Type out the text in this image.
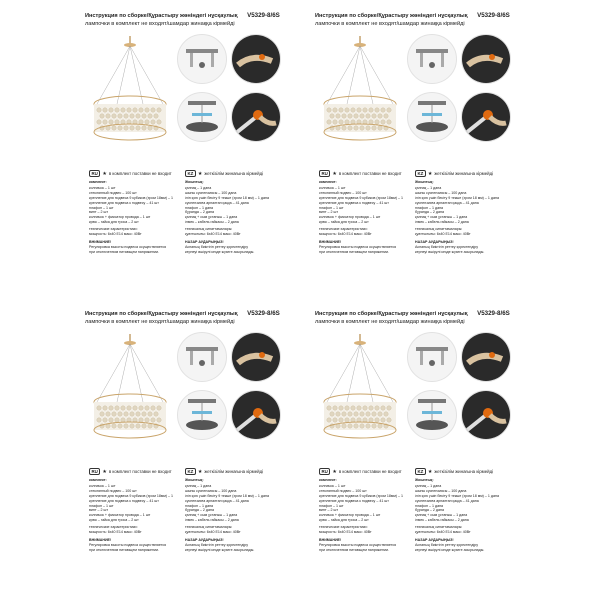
Инструкция по сборке/Құрастыру жөніндегі нұсқаулық V5329-8/6S
лампочки в комплект не входят/шамдар жинаққа кірмейді
RU ★ в комплект поставки не входит	KZ ★ жеткізілім жинағына кірмейді
комплект:
колпачок – 1 шт
стеклянный подвес – 100 шт
крепление для подвеса 9 кубиков (хром 18мм) – 1
крепление для подвеса к подвесу – 41 шт
плафон – 1 шт
винт – 2 шт
колпачок + фиксатор провода – 1 шт
крюк – гайка для троса – 2 шт
технические характеристики:
мощность: 6х40 Е14 макс: 40Вт
ВНИМАНИЕ!
Регулировка высоты подвеса осуществляется
при отключенном питающем напряжении.
Жиынтық:
қалпақ – 1 дана
шыны суспензиясы – 100 дана
іліп қою үшін бекіту 9 текше (хром 18 мм) – 1 дана
суспензияға арналған қаңқа – 41 дана
плафон – 1 дана
бұранда – 2 дана
қалпақ + сым ұстағыш – 1 дана
ілмек – кабель гайкасы – 2 дана
техникалық сипаттамалары:
қуаттылығы: 6х40 Е14 макс: 40Вт
НАЗАР АУДАРЫҢЫЗ!
Аспаның биіктігін реттеу қоректендіру
кернеуі өшірулі кезде жүзеге асырылады.
Инструкция по сборке/Құрастыру жөніндегі нұсқаулық V5329-8/6S
лампочки в комплект не входят/шамдар жинаққа кірмейді
RU ★ в комплект поставки не входит	KZ ★ жеткізілім жинағына кірмейді
комплект:
колпачок – 1 шт
стеклянный подвес – 100 шт
крепление для подвеса 9 кубиков (хром 18мм) – 1
крепление для подвеса к подвесу – 41 шт
плафон – 1 шт
винт – 2 шт
колпачок + фиксатор провода – 1 шт
крюк – гайка для троса – 2 шт
технические характеристики:
мощность: 6х40 Е14 макс: 40Вт
ВНИМАНИЕ!
Регулировка высоты подвеса осуществляется
при отключенном питающем напряжении.
Жиынтық:
қалпақ – 1 дана
шыны суспензиясы – 100 дана
іліп қою үшін бекіту 9 текше (хром 18 мм) – 1 дана
суспензияға арналған қаңқа – 41 дана
плафон – 1 дана
бұранда – 2 дана
қалпақ + сым ұстағыш – 1 дана
ілмек – кабель гайкасы – 2 дана
техникалық сипаттамалары:
қуаттылығы: 6х40 Е14 макс: 40Вт
НАЗАР АУДАРЫҢЫЗ!
Аспаның биіктігін реттеу қоректендіру
кернеуі өшірулі кезде жүзеге асырылады.
Инструкция по сборке/Құрастыру жөніндегі нұсқаулық V5329-8/6S
лампочки в комплект не входят/шамдар жинаққа кірмейді
RU ★ в комплект поставки не входит	KZ ★ жеткізілім жинағына кірмейді
комплект:
колпачок – 1 шт
стеклянный подвес – 100 шт
крепление для подвеса 9 кубиков (хром 18мм) – 1
крепление для подвеса к подвесу – 41 шт
плафон – 1 шт
винт – 2 шт
колпачок + фиксатор провода – 1 шт
крюк – гайка для троса – 2 шт
технические характеристики:
мощность: 6х40 Е14 макс: 40Вт
ВНИМАНИЕ!
Регулировка высоты подвеса осуществляется
при отключенном питающем напряжении.
Жиынтық:
қалпақ – 1 дана
шыны суспензиясы – 100 дана
іліп қою үшін бекіту 9 текше (хром 18 мм) – 1 дана
суспензияға арналған қаңқа – 41 дана
плафон – 1 дана
бұранда – 2 дана
қалпақ + сым ұстағыш – 1 дана
ілмек – кабель гайкасы – 2 дана
техникалық сипаттамалары:
қуаттылығы: 6х40 Е14 макс: 40Вт
НАЗАР АУДАРЫҢЫЗ!
Аспаның биіктігін реттеу қоректендіру
кернеуі өшірулі кезде жүзеге асырылады.
Инструкция по сборке/Құрастыру жөніндегі нұсқаулық V5329-8/6S
лампочки в комплект не входят/шамдар жинаққа кірмейді
RU ★ в комплект поставки не входит	KZ ★ жеткізілім жинағына кірмейді
комплект:
колпачок – 1 шт
стеклянный подвес – 100 шт
крепление для подвеса 9 кубиков (хром 18мм) – 1
крепление для подвеса к подвесу – 41 шт
плафон – 1 шт
винт – 2 шт
колпачок + фиксатор провода – 1 шт
крюк – гайка для троса – 2 шт
технические характеристики:
мощность: 6х40 Е14 макс: 40Вт
ВНИМАНИЕ!
Регулировка высоты подвеса осуществляется
при отключенном питающем напряжении.
Жиынтық:
қалпақ – 1 дана
шыны суспензиясы – 100 дана
іліп қою үшін бекіту 9 текше (хром 18 мм) – 1 дана
суспензияға арналған қаңқа – 41 дана
плафон – 1 дана
бұранда – 2 дана
қалпақ + сым ұстағыш – 1 дана
ілмек – кабель гайкасы – 2 дана
техникалық сипаттамалары:
қуаттылығы: 6х40 Е14 макс: 40Вт
НАЗАР АУДАРЫҢЫЗ!
Аспаның биіктігін реттеу қоректендіру
кернеуі өшірулі кезде жүзеге асырылады.
